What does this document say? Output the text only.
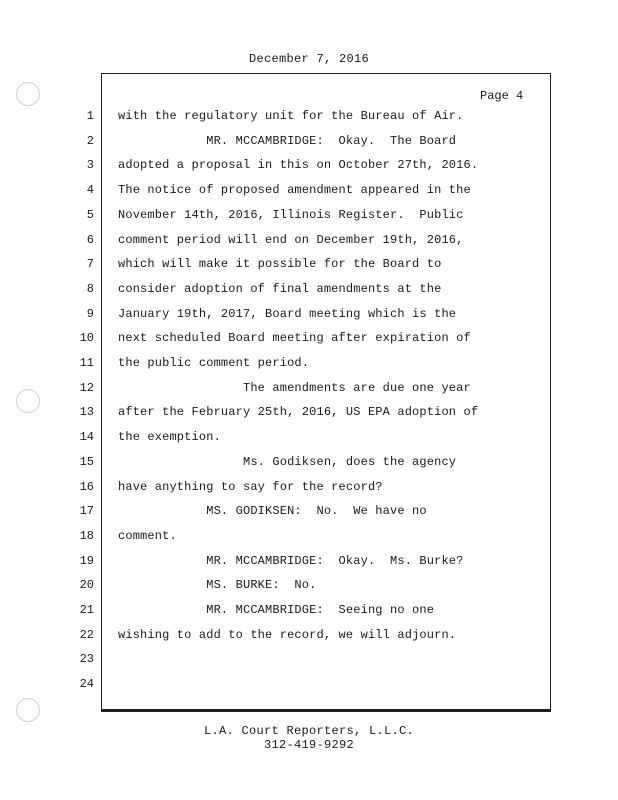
December 7, 2016
Page 4
1 with the regulatory unit for the Bureau of Air.
2 MR. MCCAMBRIDGE:  Okay.  The Board
3 adopted a proposal in this on October 27th, 2016.
4 The notice of proposed amendment appeared in the
5 November 14th, 2016, Illinois Register.  Public
6 comment period will end on December 19th, 2016,
7 which will make it possible for the Board to
8 consider adoption of final amendments at the
9 January 19th, 2017, Board meeting which is the
10 next scheduled Board meeting after expiration of
11 the public comment period.
12 The amendments are due one year
13 after the February 25th, 2016, US EPA adoption of
14 the exemption.
15 Ms. Godiksen, does the agency
16 have anything to say for the record?
17 MS. GODIKSEN:  No.  We have no
18 comment.
19 MR. MCCAMBRIDGE:  Okay.  Ms. Burke?
20 MS. BURKE:  No.
21 MR. MCCAMBRIDGE:  Seeing no one
22 wishing to add to the record, we will adjourn.
23
24
L.A. Court Reporters, L.L.C.
312-419-9292
